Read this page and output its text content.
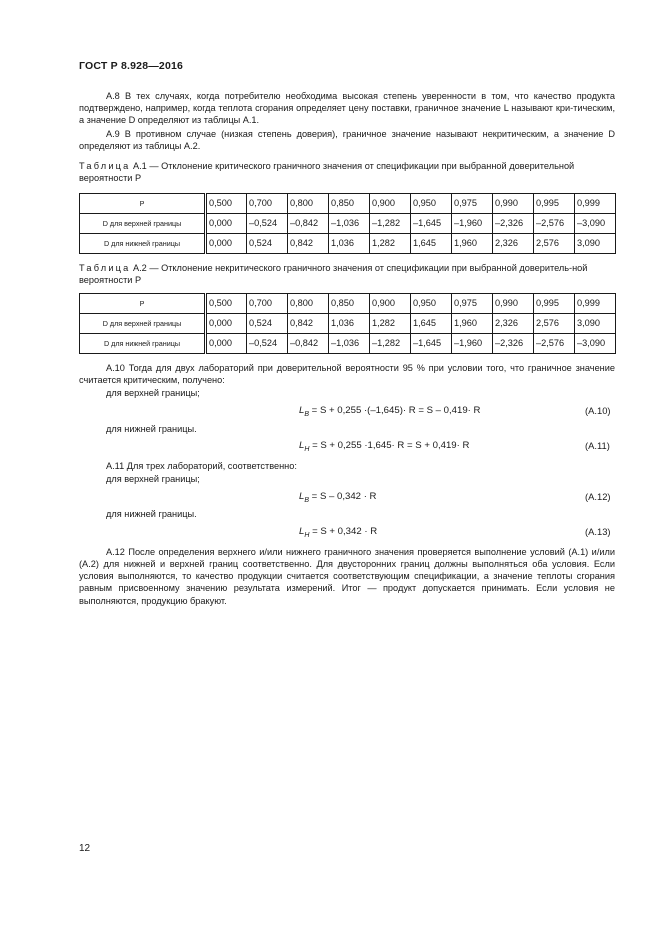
ГОСТ Р 8.928—2016

А.8 В тех случаях, когда потребителю необходима высокая степень уверенности в том, что качество продукта подтверждено, например, когда теплота сгорания определяет цену поставки, граничное значение L называют кри-тическим, а значение D определяют из таблицы А.1.

А.9 В противном случае (низкая степень доверия), граничное значение называют некритическим, а значение D определяют из таблицы А.2.

Таблица А.1 — Отклонение критического граничного значения от спецификации при выбранной доверительной вероятности P

P	0,500	0,700	0,800	0,850	0,900	0,950	0,975	0,990	0,995	0,999
D для верхней границы	0,000	–0,524	–0,842	–1,036	–1,282	–1,645	–1,960	–2,326	–2,576	–3,090
D для нижней границы	0,000	0,524	0,842	1,036	1,282	1,645	1,960	2,326	2,576	3,090

Таблица А.2 — Отклонение некритического граничного значения от спецификации при выбранной доверитель-ной вероятности P

P	0,500	0,700	0,800	0,850	0,900	0,950	0,975	0,990	0,995	0,999
D для верхней границы	0,000	0,524	0,842	1,036	1,282	1,645	1,960	2,326	2,576	3,090
D для нижней границы	0,000	–0,524	–0,842	–1,036	–1,282	–1,645	–1,960	–2,326	–2,576	–3,090

А.10 Тогда для двух лабораторий при доверительной вероятности 95 % при условии того, что граничное значение считается критическим, получено:

для верхней границы;

$L_B = S + 0,255 \cdot(-1,645)\cdot R = S - 0,419\cdot R$	(А.10)

для нижней границы.

$L_H = S + 0,255 \cdot 1,645\cdot R = S + 0,419\cdot R$	(А.11)

А.11 Для трех лабораторий, соответственно:

для верхней границы;

$L_B = S - 0,342 \cdot R$	(А.12)

для нижней границы.

$L_H = S + 0,342 \cdot R$	(А.13)

А.12 После определения верхнего и/или нижнего граничного значения проверяется выполнение условий (А.1) и/или (А.2) для нижней и верхней границ соответственно. Для двусторонних границ должны выполняться оба условия. Если условия выполняются, то качество продукции считается соответствующим спецификации, а значение теплоты сгорания равным присвоенному значению результата измерений. Итог — продукт допускается принимать. Если условия не выполняются, продукцию бракуют.

12
